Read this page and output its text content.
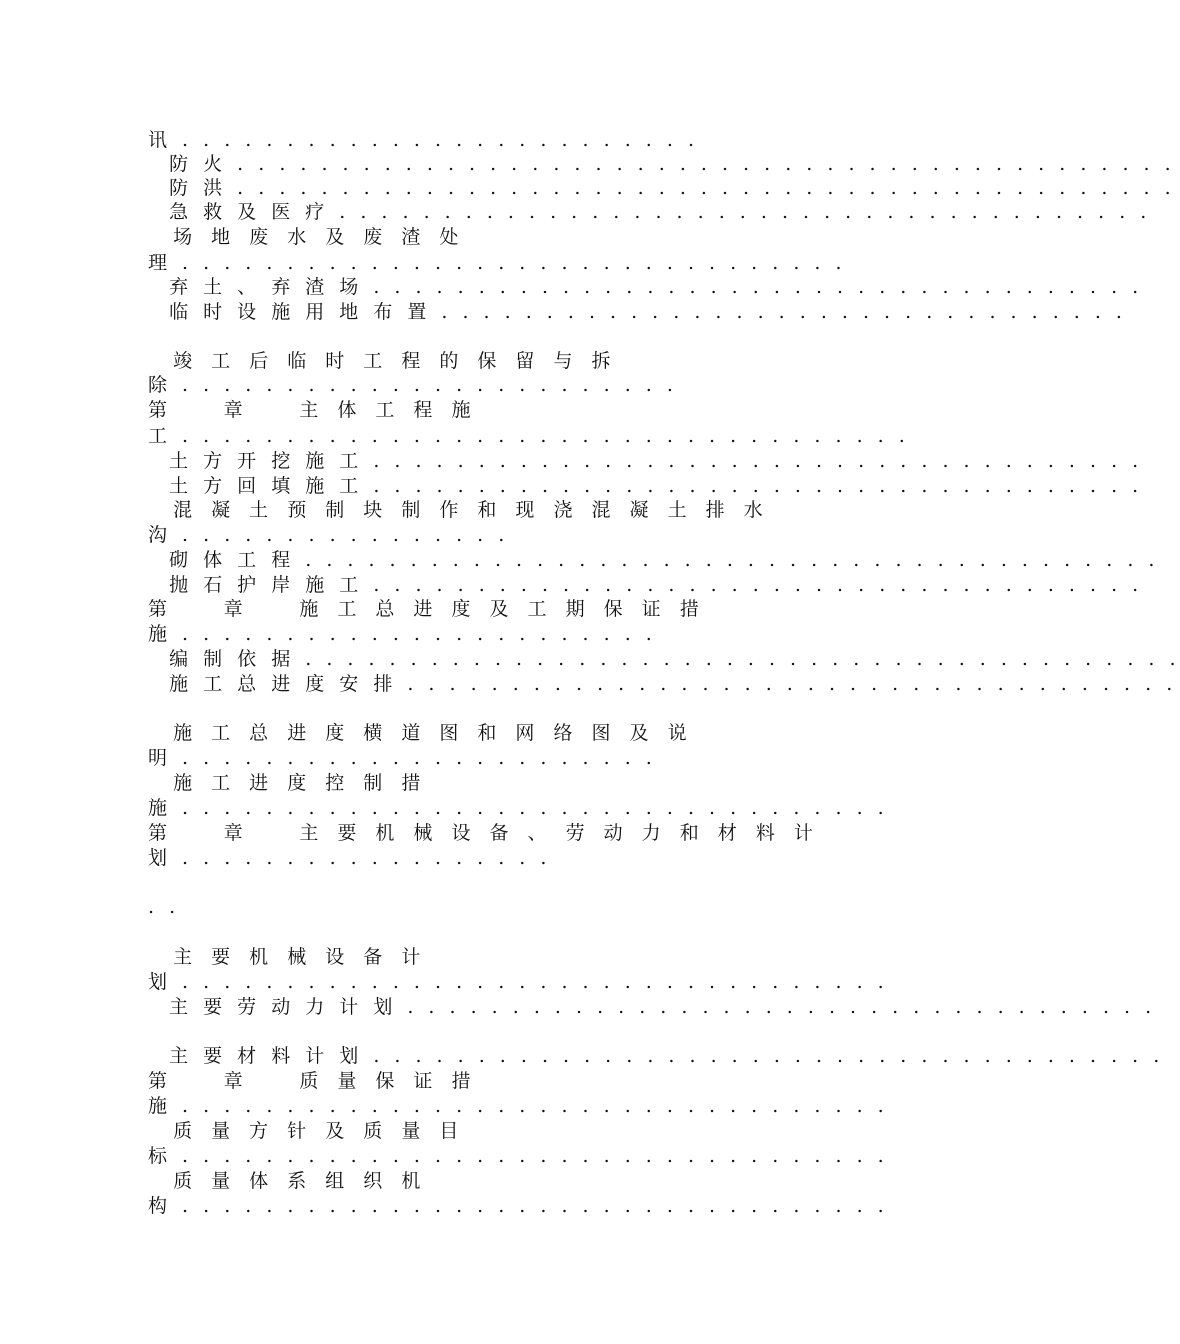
讯 . . . . . . . . . . . . . . . . . . . . . . . . .
防 火 . . . . . . . . . . . . . . . . . . . . . . . . . . . . . . . . . . . . . . . . . . . . .
防 洪 . . . . . . . . . . . . . . . . . . . . . . . . . . . . . . . . . . . . . . . . . . . . .
急 救 及 医 疗 . . . . . . . . . . . . . . . . . . . . . . . . . . . . . . . . . . . . . . .
场 地 废 水 及 废 渣 处
理 . . . . . . . . . . . . . . . . . . . . . . . . . . . . . . . .
弃 土 、 弃 渣 场 . . . . . . . . . . . . . . . . . . . . . . . . . . . . . . . . . . . . .
临 时 设 施 用 地 布 置 . . . . . . . . . . . . . . . . . . . . . . . . . . . . . . . . .
竣 工 后 临 时 工 程 的 保 留 与 拆
除 . . . . . . . . . . . . . . . . . . . . . . . .
第    章    主 体 工 程 施
工 . . . . . . . . . . . . . . . . . . . . . . . . . . . . . . . . . . .
土 方 开 挖 施 工 . . . . . . . . . . . . . . . . . . . . . . . . . . . . . . . . . . . . .
土 方 回 填 施 工 . . . . . . . . . . . . . . . . . . . . . . . . . . . . . . . . . . . . .
混 凝 土 预 制 块 制 作 和 现 浇 混 凝 土 排 水
沟 . . . . . . . . . . . . . . . .
砌 体 工 程 . . . . . . . . . . . . . . . . . . . . . . . . . . . . . . . . . . . . . . . . .
抛 石 护 岸 施 工 . . . . . . . . . . . . . . . . . . . . . . . . . . . . . . . . . . . . .
第    章    施 工 总 进 度 及 工 期 保 证 措
施 . . . . . . . . . . . . . . . . . . . . . . .
编 制 依 据 . . . . . . . . . . . . . . . . . . . . . . . . . . . . . . . . . . . . . . . . . .
施 工 总 进 度 安 排 . . . . . . . . . . . . . . . . . . . . . . . . . . . . . . . . . . . . .
施 工 总 进 度 横 道 图 和 网 络 图 及 说
明 . . . . . . . . . . . . . . . . . . . . . . .
施 工 进 度 控 制 措
施 . . . . . . . . . . . . . . . . . . . . . . . . . . . . . . . . . .
第    章    主 要 机 械 设 备 、 劳 动 力 和 材 料 计
划 . . . . . . . . . . . . . . . . . .
. .
主 要 机 械 设 备 计
划 . . . . . . . . . . . . . . . . . . . . . . . . . . . . . . . . . .
主 要 劳 动 力 计 划 . . . . . . . . . . . . . . . . . . . . . . . . . . . . . . . . . . . .
主 要 材 料 计 划 . . . . . . . . . . . . . . . . . . . . . . . . . . . . . . . . . . . . . .
第    章    质 量 保 证 措
施 . . . . . . . . . . . . . . . . . . . . . . . . . . . . . . . . . .
质 量 方 针 及 质 量 目
标 . . . . . . . . . . . . . . . . . . . . . . . . . . . . . . . . . .
质 量 体 系 组 织 机
构 . . . . . . . . . . . . . . . . . . . . . . . . . . . . . . . . . .
